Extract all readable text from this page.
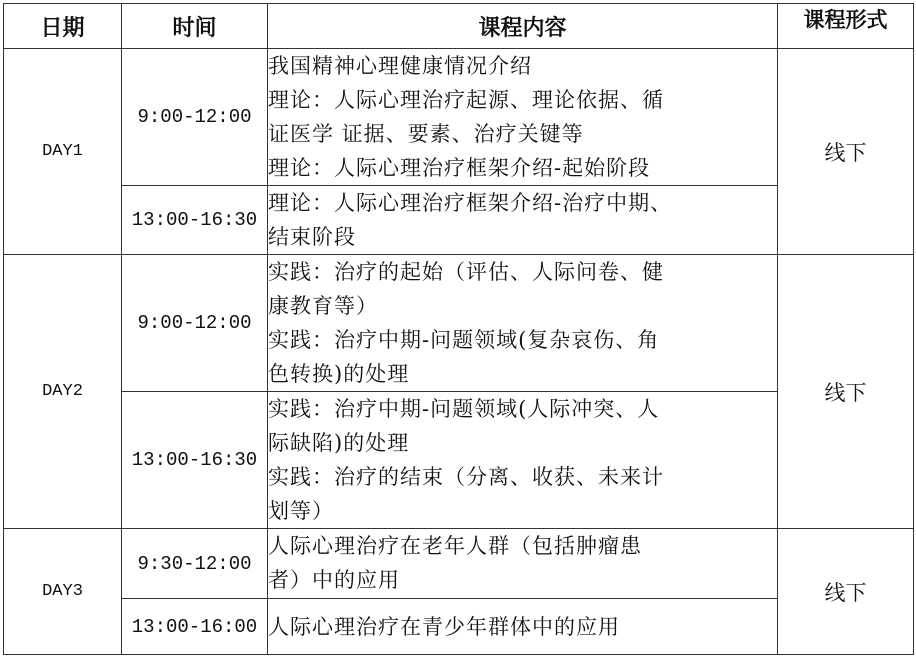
日期	时间	课程内容	课程形式
DAY1	9:00-12:00	我国精神心理健康情况介绍
理论：人际心理治疗起源、理论依据、循
证医学 证据、要素、治疗关键等
理论：人际心理治疗框架介绍-起始阶段	线下
	13:00-16:30	理论：人际心理治疗框架介绍-治疗中期、
结束阶段	

DAY2	9:00-12:00	实践：治疗的起始（评估、人际问卷、健
康教育等）
实践：治疗中期-问题领域(复杂哀伤、角
色转换)的处理	线下
	13:00-16:30	实践：治疗中期-问题领域(人际冲突、人
际缺陷)的处理
实践：治疗的结束（分离、收获、未来计
划等）	

DAY3	9:30-12:00	人际心理治疗在老年人群（包括肿瘤患
者）中的应用	线下
	13:00-16:00	人际心理治疗在青少年群体中的应用	
